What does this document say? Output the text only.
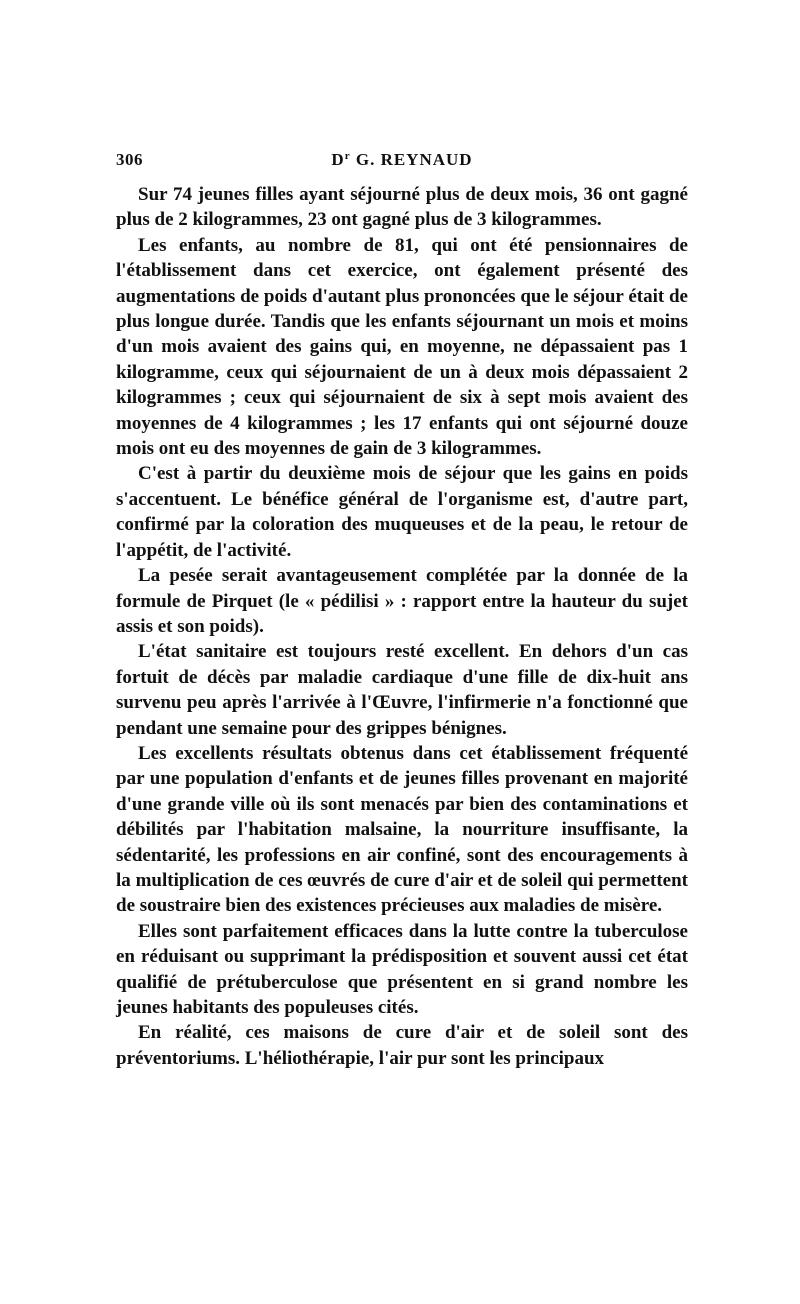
306	$D^r$ G. REYNAUD

Sur 74 jeunes filles ayant séjourné plus de deux mois, 36 ont gagné plus de 2 kilogrammes, 23 ont gagné plus de 3 kilogrammes.

Les enfants, au nombre de 81, qui ont été pensionnaires de l'établissement dans cet exercice, ont également présenté des augmentations de poids d'autant plus prononcées que le séjour était de plus longue durée. Tandis que les enfants séjournant un mois et moins d'un mois avaient des gains qui, en moyenne, ne dépassaient pas 1 kilogramme, ceux qui séjournaient de un à deux mois dépassaient 2 kilogrammes ; ceux qui séjournaient de six à sept mois avaient des moyennes de 4 kilogrammes ; les 17 enfants qui ont séjourné douze mois ont eu des moyennes de gain de 3 kilogrammes.

C'est à partir du deuxième mois de séjour que les gains en poids s'accentuent. Le bénéfice général de l'organisme est, d'autre part, confirmé par la coloration des muqueuses et de la peau, le retour de l'appétit, de l'activité.

La pesée serait avantageusement complétée par la donnée de la formule de Pirquet (le « pédilisi » : rapport entre la hauteur du sujet assis et son poids).

L'état sanitaire est toujours resté excellent. En dehors d'un cas fortuit de décès par maladie cardiaque d'une fille de dix-huit ans survenu peu après l'arrivée à l'Œuvre, l'infirmerie n'a fonctionné que pendant une semaine pour des grippes bénignes.

Les excellents résultats obtenus dans cet établissement fréquenté par une population d'enfants et de jeunes filles provenant en majorité d'une grande ville où ils sont menacés par bien des contaminations et débilités par l'habitation malsaine, la nourriture insuffisante, la sédentarité, les professions en air confiné, sont des encouragements à la multiplication de ces œuvrés de cure d'air et de soleil qui permettent de soustraire bien des existences précieuses aux maladies de misère.

Elles sont parfaitement efficaces dans la lutte contre la tuberculose en réduisant ou supprimant la prédisposition et souvent aussi cet état qualifié de prétuberculose que présentent en si grand nombre les jeunes habitants des populeuses cités.

En réalité, ces maisons de cure d'air et de soleil sont des préventoriums. L'héliothérapie, l'air pur sont les principaux
